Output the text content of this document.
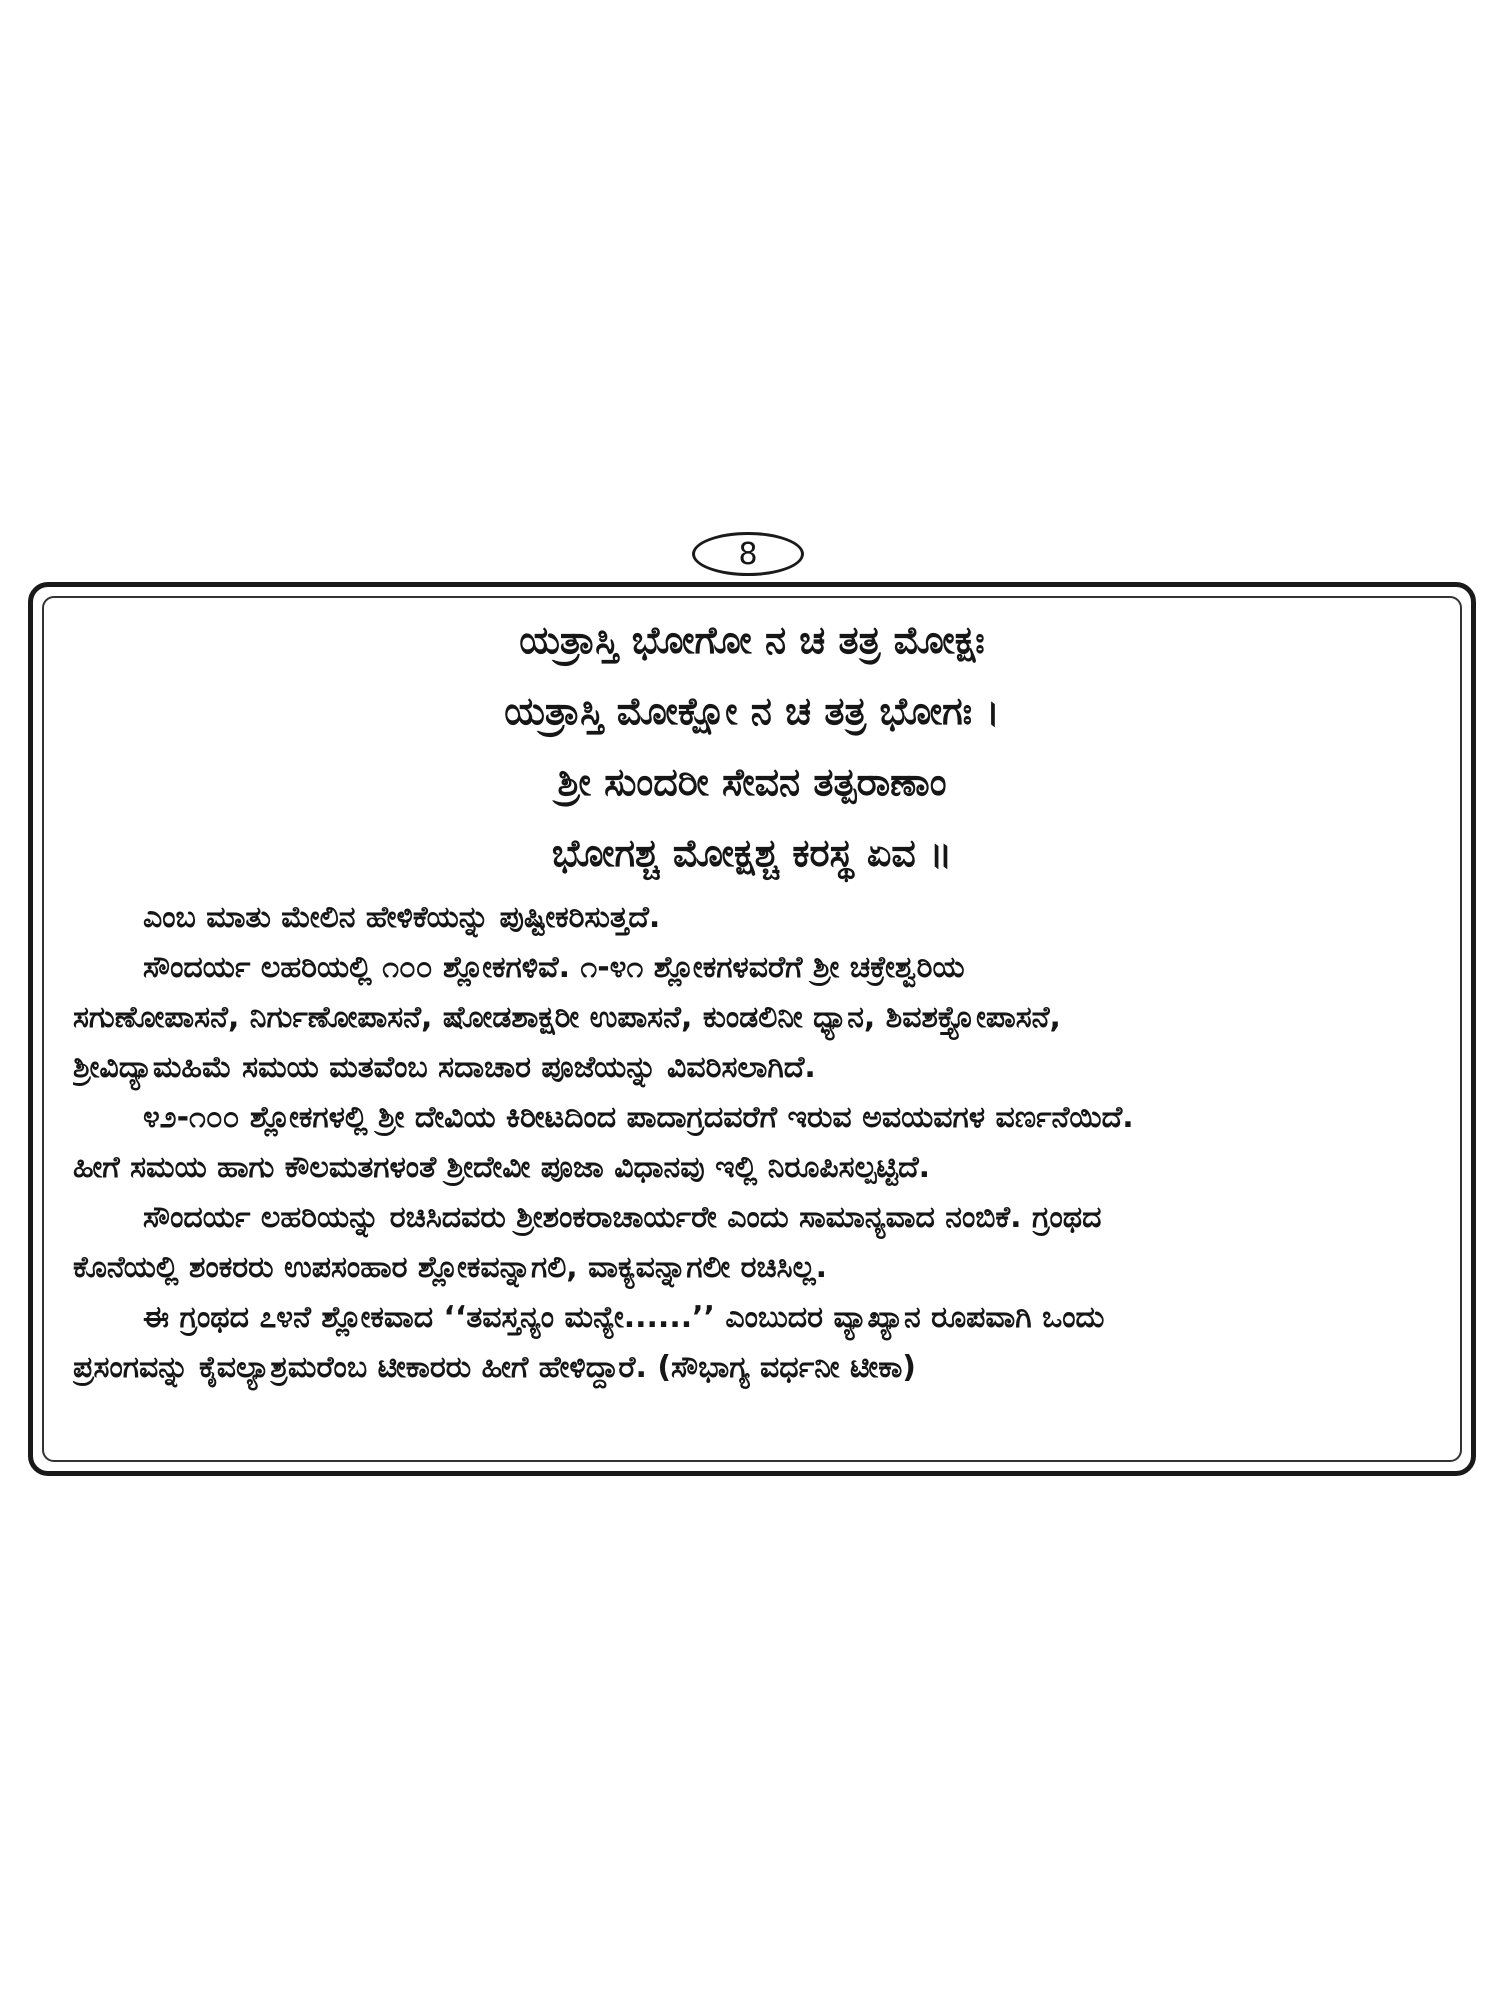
8
ಯತ್ರಾಸ್ತಿ ಭೋಗೋ ನ ಚ ತತ್ರ ಮೋಕ್ಷಃ
ಯತ್ರಾಸ್ತಿ ಮೋಕ್ಷೋ ನ ಚ ತತ್ರ ಭೋಗಃ ।
ಶ್ರೀ ಸುಂದರೀ ಸೇವನ ತತ್ಪರಾಣಾಂ
ಭೋಗಶ್ಚ ಮೋಕ್ಷಶ್ಚ ಕರಸ್ಥ ಏವ ॥
ಎಂಬ ಮಾತು ಮೇಲಿನ ಹೇಳಿಕೆಯನ್ನು ಪುಷ್ಟೀಕರಿಸುತ್ತದೆ.
ಸೌಂದರ್ಯ ಲಹರಿಯಲ್ಲಿ ೧೦೦ ಶ್ಲೋಕಗಳಿವೆ. ೧-೪೧ ಶ್ಲೋಕಗಳವರೆಗೆ ಶ್ರೀ ಚಕ್ರೇಶ್ವರಿಯ
ಸಗುಣೋಪಾಸನೆ, ನಿರ್ಗುಣೋಪಾಸನೆ, ಷೋಡಶಾಕ್ಷರೀ ಉಪಾಸನೆ, ಕುಂಡಲಿನೀ ಧ್ಯಾನ, ಶಿವಶಕ್ತ್ಯೋಪಾಸನೆ,
ಶ್ರೀವಿದ್ಯಾಮಹಿಮೆ ಸಮಯ ಮತವೆಂಬ ಸದಾಚಾರ ಪೂಜೆಯನ್ನು ವಿವರಿಸಲಾಗಿದೆ.
೪೨-೧೦೦ ಶ್ಲೋಕಗಳಲ್ಲಿ ಶ್ರೀ ದೇವಿಯ ಕಿರೀಟದಿಂದ ಪಾದಾಗ್ರದವರೆಗೆ ಇರುವ ಅವಯವಗಳ ವರ್ಣನೆಯಿದೆ.
ಹೀಗೆ ಸಮಯ ಹಾಗು ಕೌಲಮತಗಳಂತೆ ಶ್ರೀದೇವೀ ಪೂಜಾ ವಿಧಾನವು ಇಲ್ಲಿ ನಿರೂಪಿಸಲ್ಪಟ್ಟಿದೆ.
ಸೌಂದರ್ಯ ಲಹರಿಯನ್ನು ರಚಿಸಿದವರು ಶ್ರೀಶಂಕರಾಚಾರ್ಯರೇ ಎಂದು ಸಾಮಾನ್ಯವಾದ ನಂಬಿಕೆ. ಗ್ರಂಥದ
ಕೊನೆಯಲ್ಲಿ ಶಂಕರರು ಉಪಸಂಹಾರ ಶ್ಲೋಕವನ್ನಾಗಲಿ, ವಾಕ್ಯವನ್ನಾಗಲೀ ರಚಿಸಿಲ್ಲ.
ಈ ಗ್ರಂಥದ ೭೪ನೆ ಶ್ಲೋಕವಾದ ‘‘ತವಸ್ತನ್ಯಂ ಮನ್ಯೇ......’’ ಎಂಬುದರ ವ್ಯಾಖ್ಯಾನ ರೂಪವಾಗಿ ಒಂದು
ಪ್ರಸಂಗವನ್ನು ಕೈವಲ್ಯಾಶ್ರಮರೆಂಬ ಟೀಕಾರರು ಹೀಗೆ ಹೇಳಿದ್ದಾರೆ. (ಸೌಭಾಗ್ಯ ವರ್ಧನೀ ಟೀಕಾ)
